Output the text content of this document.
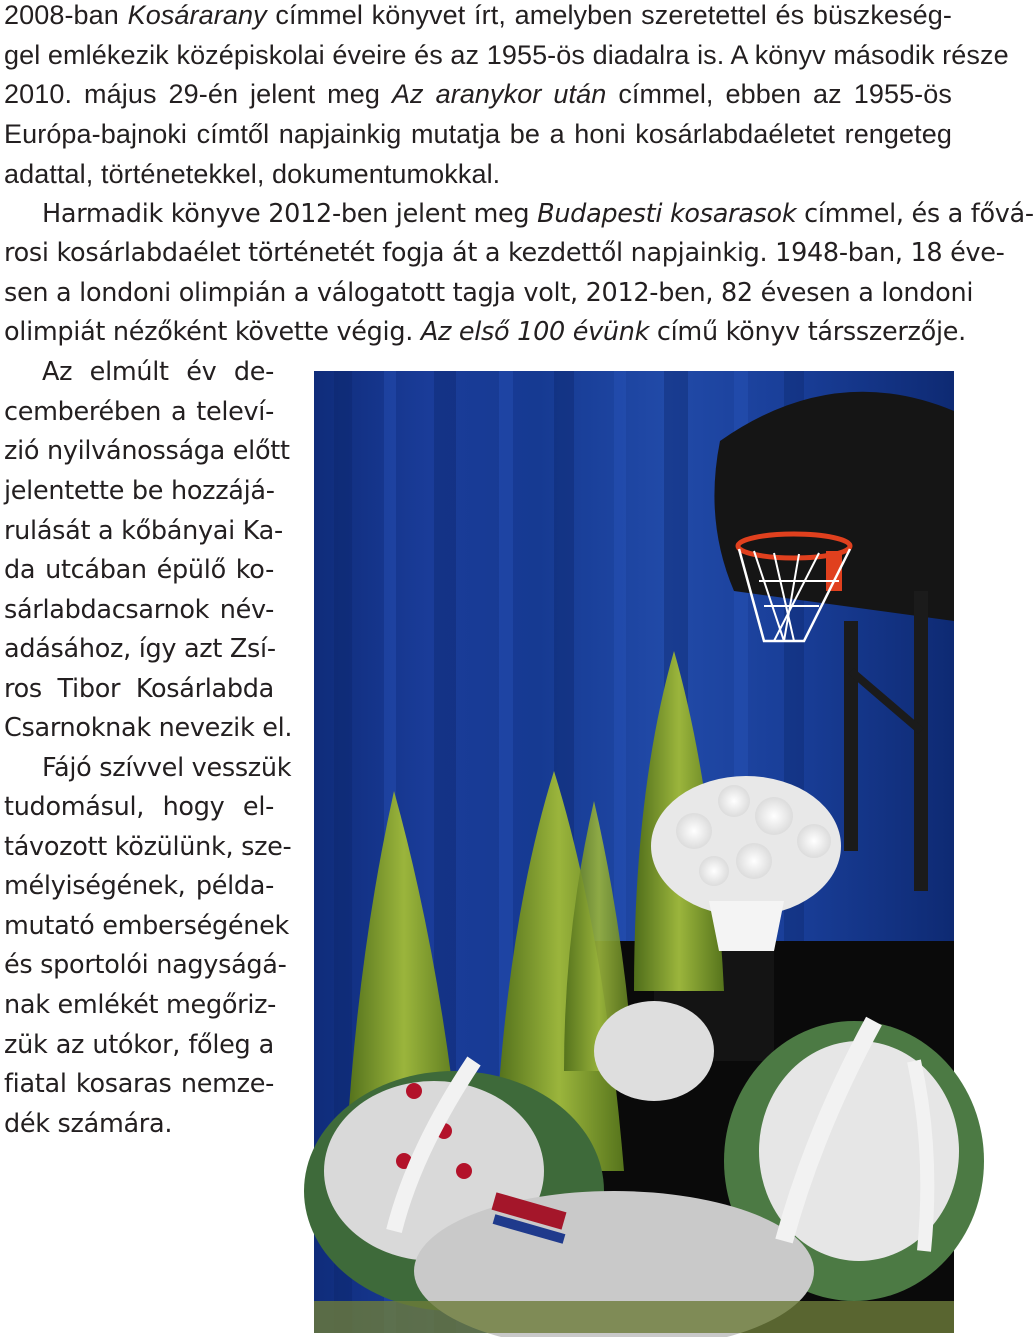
2008-ban Kosárarany címmel könyvet írt, amelyben szeretettel és büszkeség-
gel emlékezik középiskolai éveire és az 1955-ös diadalra is. A könyv második része
2010. május 29-én jelent meg Az aranykor után címmel, ebben az 1955-ös
Európa-bajnoki címtől napjainkig mutatja be a honi kosárlabdaéletet rengeteg
adattal, történetekkel, dokumentumokkal.
Harmadik könyve 2012-ben jelent meg Budapesti kosarasok címmel, és a fővá-
rosi kosárlabdaélet történetét fogja át a kezdettől napjainkig. 1948-ban, 18 éve-
sen a londoni olimpián a válogatott tagja volt, 2012-ben, 82 évesen a londoni
olimpiát nézőként követte végig. Az első 100 évünk című könyv társszerzője.
Az elmúlt év de-
cemberében a televí-
zió nyilvánossága előtt
jelentette be hozzájá-
rulását a kőbányai Ka-
da utcában épülő ko-
sárlabdacsarnok név-
adásához, így azt Zsí-
ros Tibor Kosárlabda
Csarnoknak nevezik el.
Fájó szívvel vesszük
tudomásul, hogy el-
távozott közülünk, sze-
mélyiségének, példa-
mutató emberségének
és sportolói nagyságá-
nak emlékét megőriz-
zük az utókor, főleg a
fiatal kosaras nemze-
dék számára.
